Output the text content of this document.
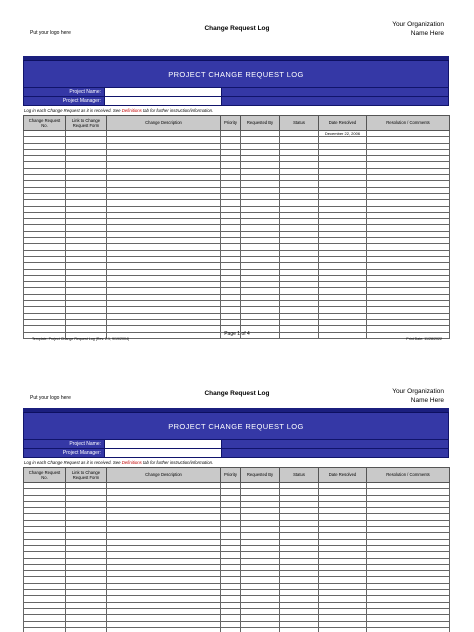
Put your logo here
Change Request Log
Your Organization
Name Here
PROJECT CHANGE REQUEST LOG
Project Name:
Project Manager:
Log in each Change Request as it is received. See Definitions tab for further instruction/information.
Change Request No.	Link to Change Request Form	Change Description	Priority	Requested By	Status	Date Resolved	Resolution / Comments
						December 22, 2006	

Template: Project Change Request Log (Rev. 2.1, 9/19/2004)
Page 1 of 4
Print Date: 11/28/2022
Put your logo here
Change Request Log	Your Organization
Name Here
PROJECT CHANGE REQUEST LOG
Project Name:
Project Manager:
Log in each Change Request as it is received. See Definitions tab for further instruction/information.
Change Request No.	Link to Change Request Form	Change Description	Priority	Requested By	Status	Date Resolved	Resolution / Comments
